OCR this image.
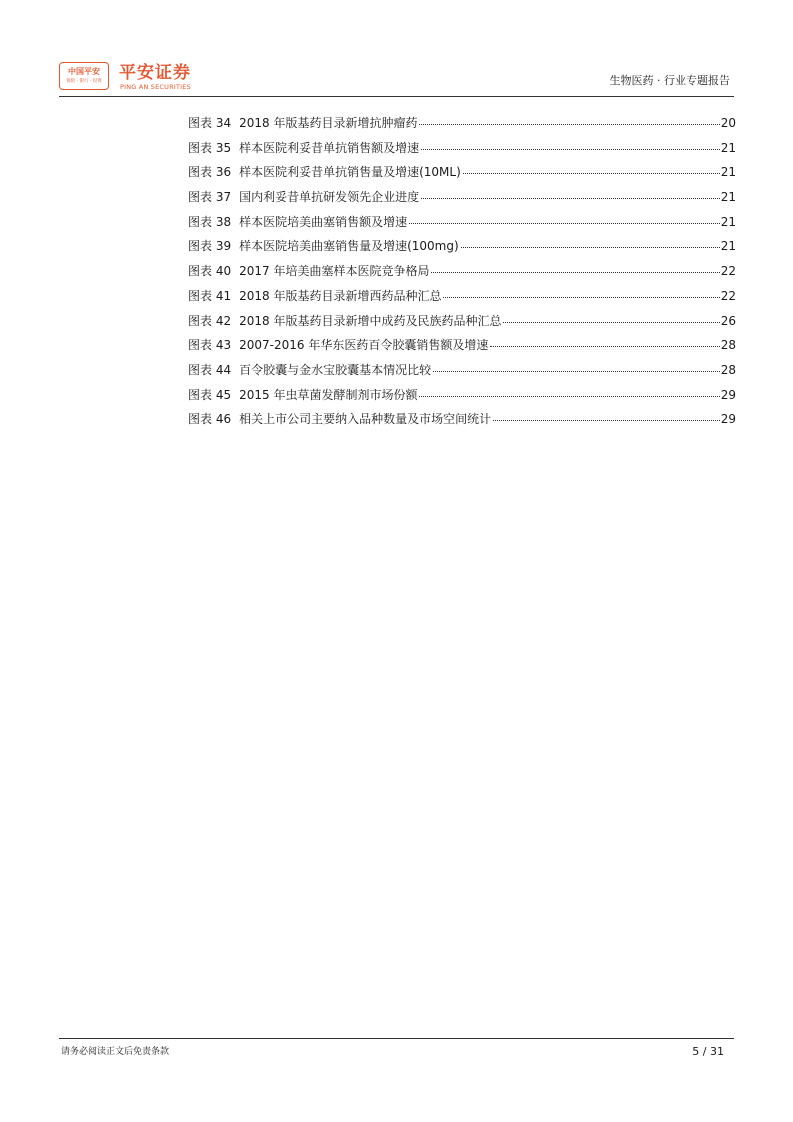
中国平安
保险 · 银行 · 投资	平安证券
PING AN SECURITIES	生物医药 · 行业专题报告
图表 34 2018 年版基药目录新增抗肿瘤药	20
图表 35 样本医院利妥昔单抗销售额及增速	21
图表 36 样本医院利妥昔单抗销售量及增速(10ML)	21
图表 37 国内利妥昔单抗研发领先企业进度	21
图表 38 样本医院培美曲塞销售额及增速	21
图表 39 样本医院培美曲塞销售量及增速(100mg)	21
图表 40 2017 年培美曲塞样本医院竞争格局	22
图表 41 2018 年版基药目录新增西药品种汇总	22
图表 42 2018 年版基药目录新增中成药及民族药品种汇总	26
图表 43 2007-2016 年华东医药百令胶囊销售额及增速	28
图表 44 百令胶囊与金水宝胶囊基本情况比较	28
图表 45 2015 年虫草菌发酵制剂市场份额	29
图表 46 相关上市公司主要纳入品种数量及市场空间统计	29
请务必阅读正文后免责条款	5 / 31
